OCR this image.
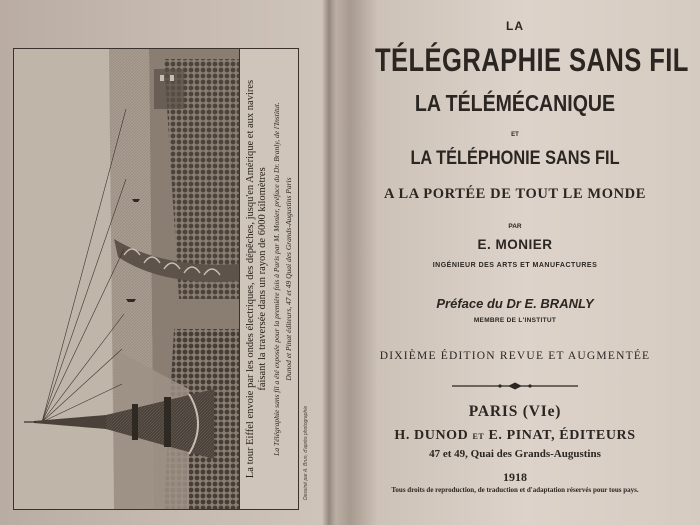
La tour Eiffel envoie par les ondes électriques, des dépêches, jusqu'en Amérique et aux navires faisant la traversée dans un rayon de 6000 kilomètres La Télégraphie sans fil a été exposée pour la première fois à Paris par M. Monier, préface du Dr. Branly, de l'Institut. Dunod et Pinat éditeurs, 47 et 49 Quai des Grands-Augustins Paris
Dessiné par A. Brun, d'après photographie
LA
TÉLÉGRAPHIE SANS FIL
LA TÉLÉMÉCANIQUE
ET
LA TÉLÉPHONIE SANS FIL
A LA PORTÉE DE TOUT LE MONDE
PAR
E. MONIER
INGÉNIEUR DES ARTS ET MANUFACTURES
Préface du Dr E. BRANLY
MEMBRE DE L'INSTITUT
DIXIÈME ÉDITION REVUE ET AUGMENTÉE
PARIS (VIe)
H. DUNOD ET E. PINAT, ÉDITEURS
47 et 49, Quai des Grands-Augustins
1918
Tous droits de reproduction, de traduction et d'adaptation réservés pour tous pays.
